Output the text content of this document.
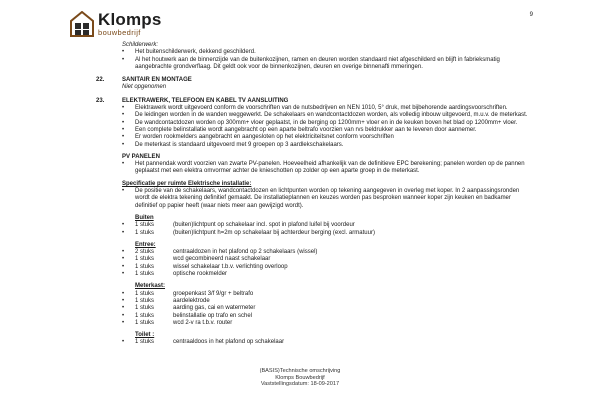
Klomps
bouwbedrijf
9
Schilderwerk:
•
Het buitenschilderwerk, dekkend geschilderd.
•
Al het houtwerk aan de binnenzijde van de buitenkozijnen, ramen en deuren worden standaard niet afgeschilderd en blijft in fabrieksmatig aangebrachte grondverflaag. Dit geldt ook voor de binnenkozijnen, deuren en overige binnenafti mmeringen.
22.	SANITAIR EN MONTAGE
Niet opgenomen
23.	ELEKTRAWERK, TELEFOON EN KABEL TV AANSLUITING
•
Elektrawerk wordt uitgevoerd conform de voorschriften van de nutsbedrijven en NEN 1010, 5° druk, met bijbehorende aardingsvoorschriften.
•
De leidingen worden in de wanden weggewerkt. De schakelaars en wandcontactdozen worden, als volledig inbouw uitgevoerd, m.u.v. de meterkast.
•
De wandcontactdozen worden op 300mm+ vloer geplaatst, in de berging op 1200mm+ vloer en in de keuken boven het blad op 1200mm+ vloer.
•
Een complete belinstallatie wordt aangebracht op een aparte beltrafo voorzien van rvs beldrukker aan te leveren door aannemer.
•
Er worden rookmelders aangebracht en aangesloten op het elektriciteitsnet conform voorschriften
•
De meterkast is standaard uitgevoerd met 9 groepen op 3 aardlekschakelaars.
PV PANELEN
•
Het pannendak wordt voorzien van zwarte PV-panelen. Hoeveelheid afhankelijk van de definitieve EPC berekening; panelen worden op de pannen geplaatst met een elektra omvormer achter de knieschotten op zolder op een aparte groep in de meterkast.
Specificatie per ruimte Elektrische installatie:
•
De positie van de schakelaars, wandcontactdozen en lichtpunten worden op tekening aangegeven in overleg met koper. In 2 aanpassingsronden wordt de elektra tekening definitief gemaakt. De installatieplannen en keuzes worden pas besproken wanneer koper zijn keuken en badkamer definitief op papier heeft (waar niets meer aan gewijzigd wordt).
Buiten
•
1 stuks	(buiten)lichtpunt op schakelaar incl. spot in plafond luifel bij voordeur
•
1 stuks	(buiten)lichtpunt h=2m op schakelaar bij achterdeur berging (excl. armatuur)
Entree:
•
2 stuks	centraaldozen in het plafond op 2 schakelaars (wissel)
•
1 stuks	wcd gecombineerd naast schakelaar
•
1 stuks	wissel schakelaar t.b.v. verlichting overloop
•
1 stuks	optische rookmelder
Meterkast:
•
1 stuks	groepenkast 3/f 9/gr + beltrafo
•
1 stuks	aardelektrode
•
1 stuks	aarding gas, cai en watermeter
•
1 stuks	belinstallatie op trafo en schel
•
1 stuks	wcd 2-v ra t.b.v. router
Toilet :
•
1 stuks	centraaldoos in het plafond op schakelaar
(BASIS)Technische omschrijving
Klomps Bouwbedrijf
Vaststellingsdatum: 18-09-2017
